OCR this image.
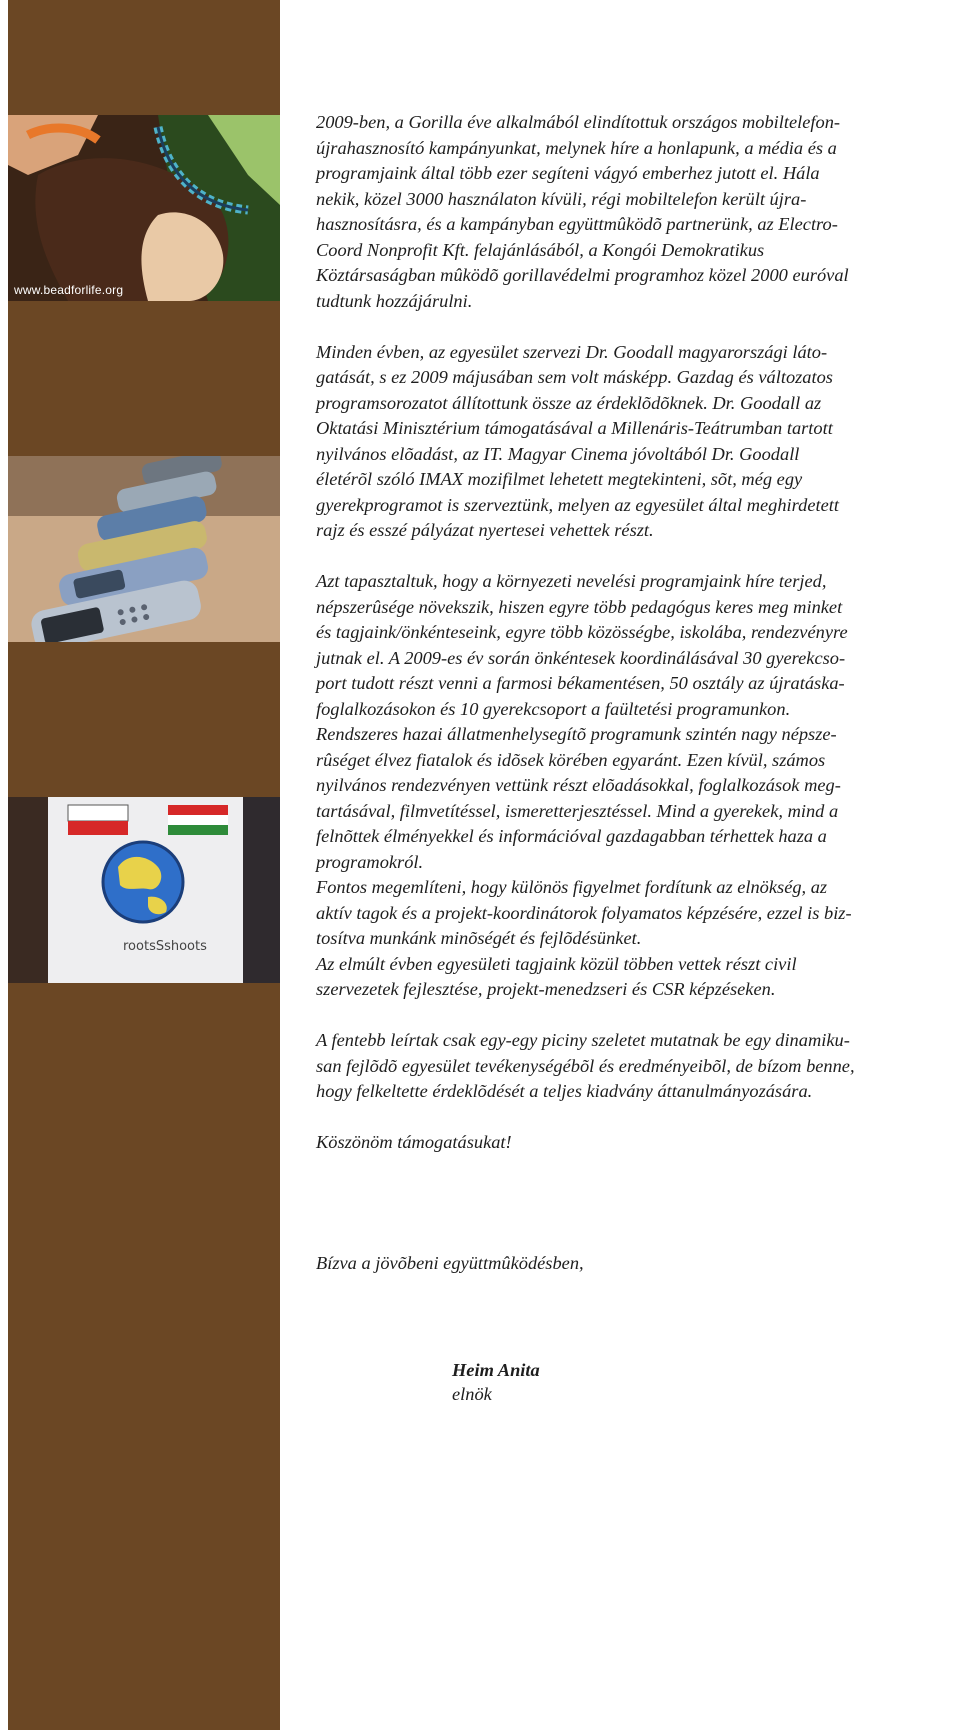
www.beadforlife.org
rootsSshoots

2009-ben, a Gorilla éve alkalmából elindítottuk országos mobiltelefon-
újrahasznosító kampányunkat, melynek híre a honlapunk, a média és a
programjaink által több ezer segíteni vágyó emberhez jutott el. Hála
nekik, közel 3000 használaton kívüli, régi mobiltelefon került újra-
hasznosításra, és a kampányban együttmûködõ partnerünk, az Electro-
Coord Nonprofit Kft. felajánlásából, a Kongói Demokratikus
Köztársaságban mûködõ gorillavédelmi programhoz közel 2000 euróval
tudtunk hozzájárulni.

Minden évben, az egyesület szervezi Dr. Goodall magyarországi láto-
gatását, s ez 2009 májusában sem volt másképp. Gazdag és változatos
programsorozatot állítottunk össze az érdeklõdõknek. Dr. Goodall az
Oktatási Minisztérium támogatásával a Millenáris-Teátrumban tartott
nyilvános elõadást, az IT. Magyar Cinema jóvoltából Dr. Goodall
életérõl szóló IMAX mozifilmet lehetett megtekinteni, sõt, még egy
gyerekprogramot is szerveztünk, melyen az egyesület által meghirdetett
rajz és esszé pályázat nyertesei vehettek részt.

Azt tapasztaltuk, hogy a környezeti nevelési programjaink híre terjed,
népszerûsége növekszik, hiszen egyre több pedagógus keres meg minket
és tagjaink/önkénteseink, egyre több közösségbe, iskolába, rendezvényre
jutnak el. A 2009-es év során önkéntesek koordinálásával 30 gyerekcso-
port tudott részt venni a farmosi békamentésen, 50 osztály az újratáska-
foglalkozásokon és 10 gyerekcsoport a faültetési programunkon.
Rendszeres hazai állatmenhelysegítõ programunk szintén nagy népsze-
rûséget élvez fiatalok és idõsek körében egyaránt. Ezen kívül, számos
nyilvános rendezvényen vettünk részt elõadásokkal, foglalkozások meg-
tartásával, filmvetítéssel, ismeretterjesztéssel. Mind a gyerekek, mind a
felnõttek élményekkel és információval gazdagabban térhettek haza a
programokról.
Fontos megemlíteni, hogy különös figyelmet fordítunk az elnökség, az
aktív tagok és a projekt-koordinátorok folyamatos képzésére, ezzel is biz-
tosítva munkánk minõségét és fejlõdésünket.
Az elmúlt évben egyesületi tagjaink közül többen vettek részt civil
szervezetek fejlesztése, projekt-menedzseri és CSR képzéseken.

A fentebb leírtak csak egy-egy piciny szeletet mutatnak be egy dinamiku-
san fejlõdõ egyesület tevékenységébõl és eredményeibõl, de bízom benne,
hogy felkeltette érdeklõdését a teljes kiadvány áttanulmányozására.

Köszönöm támogatásukat!

Bízva a jövõbeni együttmûködésben,
Heim Anita
elnök
